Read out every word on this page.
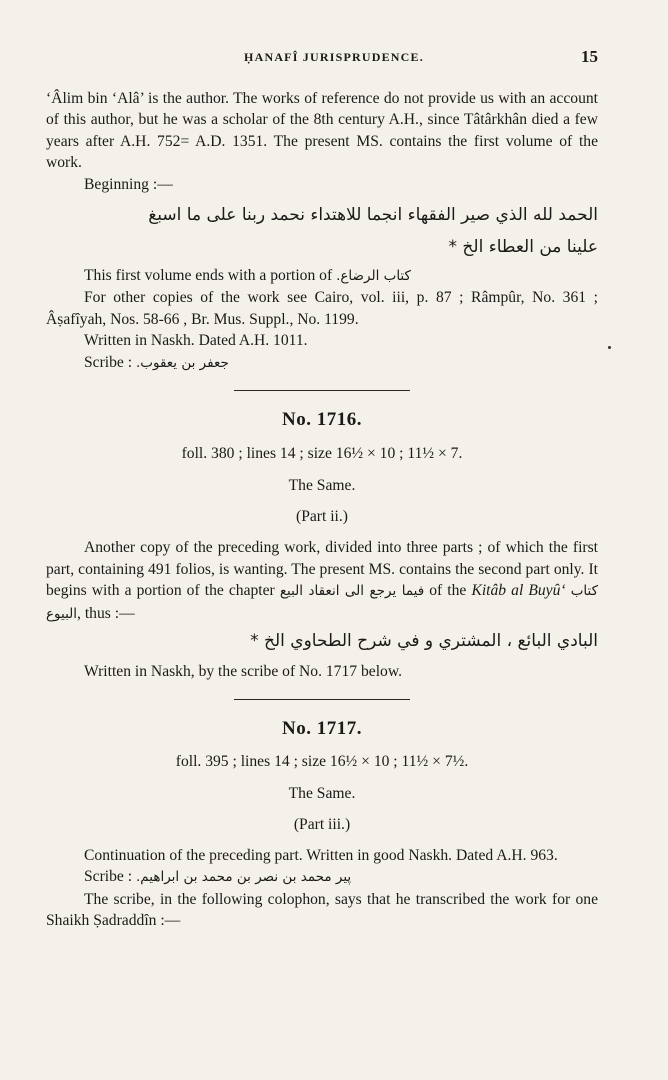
ḤANAFÎ JURISPRUDENCE.	15

‘Âlim bin ‘Alâ’ is the author. The works of reference do not provide us with an account of this author, but he was a scholar of the 8th century A.H., since Tâtârkhân died a few years after A.H. 752= A.D. 1351. The present MS. contains the first volume of the work.

Beginning :—

الحمد لله الذي صير الفقهاء انجما للاهتداء نحمد ربنا على ما اسبغ

علينا من العطاء الخ *

This first volume ends with a portion of كتاب الرضاع.

For other copies of the work see Cairo, vol. iii, p. 87 ; Râmpûr, No. 361 ; Âṣafîyah, Nos. 58-66 , Br. Mus. Suppl., No. 1199.

Written in Naskh. Dated A.H. 1011.

Scribe : جعفر بن يعقوب.

No. 1716.

foll. 380 ; lines 14 ; size 16½ × 10 ; 11½ × 7.

The Same.

(Part ii.)

Another copy of the preceding work, divided into three parts ; of which the first part, containing 491 folios, is wanting. The present MS. contains the second part only. It begins with a portion of the chapter فيما يرجع الى انعقاد البيع of the Kitâb al Buyû‘ كتاب البيوع, thus :—

البادي البائع ، المشتري و في شرح الطحاوي الخ *

Written in Naskh, by the scribe of No. 1717 below.

No. 1717.

foll. 395 ; lines 14 ; size 16½ × 10 ; 11½ × 7½.

The Same.

(Part iii.)

Continuation of the preceding part. Written in good Naskh. Dated A.H. 963.

Scribe : پير محمد بن نصر بن محمد بن ابراهيم.

The scribe, in the following colophon, says that he transcribed the work for one Shaikh Ṣadraddîn :—
